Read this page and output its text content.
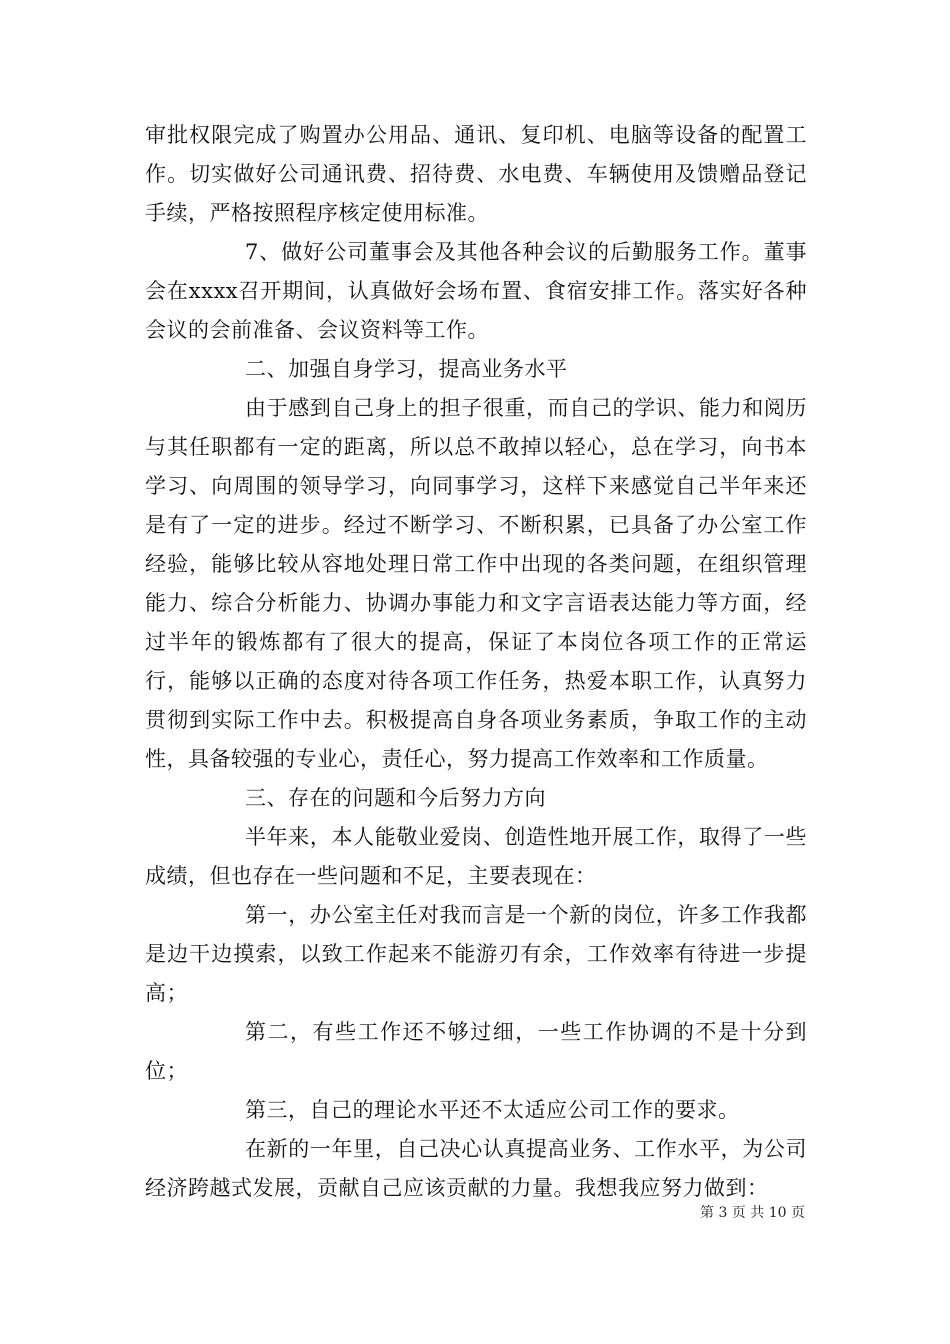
审批权限完成了购置办公用品、通讯、复印机、电脑等设备的配置工作。切实做好公司通讯费、招待费、水电费、车辆使用及馈赠品登记手续，严格按照程序核定使用标准。

7、做好公司董事会及其他各种会议的后勤服务工作。董事会在xxxx召开期间，认真做好会场布置、食宿安排工作。落实好各种会议的会前准备、会议资料等工作。

二、加强自身学习，提高业务水平

由于感到自己身上的担子很重，而自己的学识、能力和阅历与其任职都有一定的距离，所以总不敢掉以轻心，总在学习，向书本学习、向周围的领导学习，向同事学习，这样下来感觉自己半年来还是有了一定的进步。经过不断学习、不断积累，已具备了办公室工作经验，能够比较从容地处理日常工作中出现的各类问题，在组织管理能力、综合分析能力、协调办事能力和文字言语表达能力等方面，经过半年的锻炼都有了很大的提高，保证了本岗位各项工作的正常运行，能够以正确的态度对待各项工作任务，热爱本职工作，认真努力贯彻到实际工作中去。积极提高自身各项业务素质，争取工作的主动性，具备较强的专业心，责任心，努力提高工作效率和工作质量。

三、存在的问题和今后努力方向

半年来，本人能敬业爱岗、创造性地开展工作，取得了一些成绩，但也存在一些问题和不足，主要表现在：

第一，办公室主任对我而言是一个新的岗位，许多工作我都是边干边摸索，以致工作起来不能游刃有余，工作效率有待进一步提高；

第二，有些工作还不够过细，一些工作协调的不是十分到位；

第三，自己的理论水平还不太适应公司工作的要求。

在新的一年里，自己决心认真提高业务、工作水平，为公司经济跨越式发展，贡献自己应该贡献的力量。我想我应努力做到：

第 3 页 共 10 页
